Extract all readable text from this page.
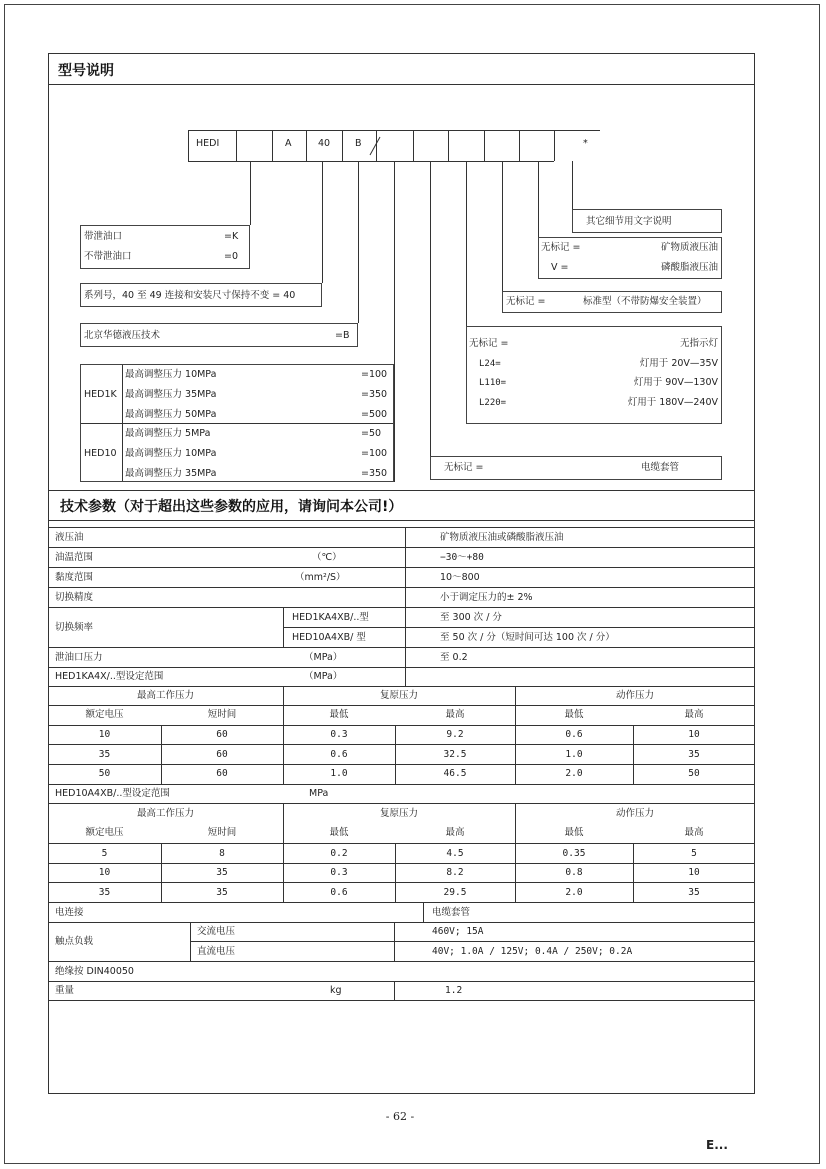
型号说明
HEDI	A	40	B	*
其它细节用文字说明
无标记 =	矿物质液压油
V =	磷酸脂液压油
无标记 =	标准型（不带防爆安全装置）
无标记 =	无指示灯
L24=	灯用于 20V—35V
L110=	灯用于 90V—130V
L220=	灯用于 180V—240V
无标记 =	电缆套管
带泄油口	=K
不带泄油口	=0
系列号，40 至 49 连接和安装尺寸保持不变 = 40
北京华德液压技术	=B
HED1K
最高调整压力 10MPa	=100
最高调整压力 35MPa	=350
最高调整压力 50MPa	=500
HED10
最高调整压力 5MPa	=50
最高调整压力 10MPa	=100
最高调整压力 35MPa	=350
技术参数（对于超出这些参数的应用，请询问本公司!）
液压油	矿物质液压油或磷酸脂液压油
油温范围	（℃）	−30〜+80
黏度范围	（mm²/S）	10〜800
切换精度	小于调定压力的± 2%
切换频率
HED1KA4XB/..型	至 300 次 / 分
HED10A4XB/ 型	至 50 次 / 分（短时间可达 100 次 / 分）
泄油口压力	（MPa）	至 0.2
HED1KA4X/..型设定范围	（MPa）
最高工作压力	复原压力	动作压力
额定电压	短时间	最低	最高	最低	最高
10	60	0.3	9.2	0.6	10
35	60	0.6	32.5	1.0	35
50	60	1.0	46.5	2.0	50
HED10A4XB/..型设定范围	MPa
最高工作压力	复原压力	动作压力
额定电压	短时间	最低	最高	最低	最高
5	8	0.2	4.5	0.35	5
10	35	0.3	8.2	0.8	10
35	35	0.6	29.5	2.0	35
电连接	电缆套管
触点负载
交流电压	460V; 15A
直流电压	40V; 1.0A / 125V; 0.4A / 250V; 0.2A
绝缘按 DIN40050
重量	kg	1.2
- 62 -
E...
